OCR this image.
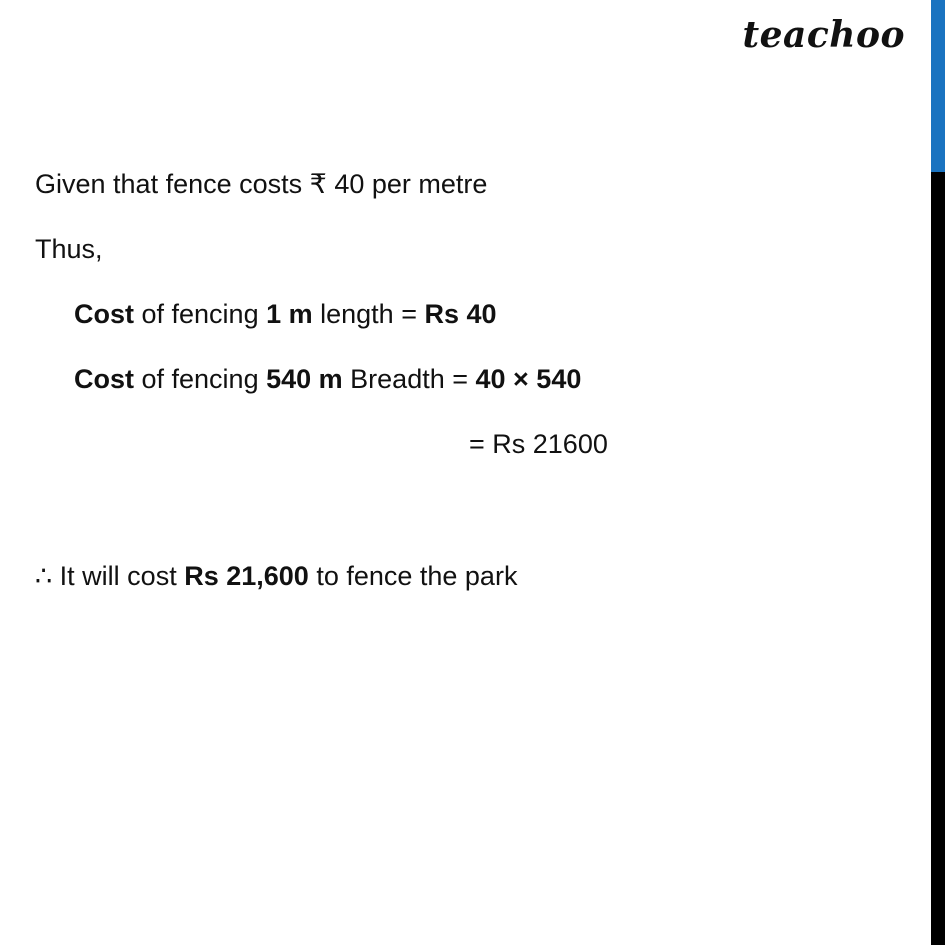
teachoo
Given that fence costs ₹ 40 per metre
Thus,
Cost of fencing 1 m length = Rs 40
Cost of fencing 540 m Breadth = 40 × 540
= Rs 21600
∴ It will cost Rs 21,600 to fence the park
